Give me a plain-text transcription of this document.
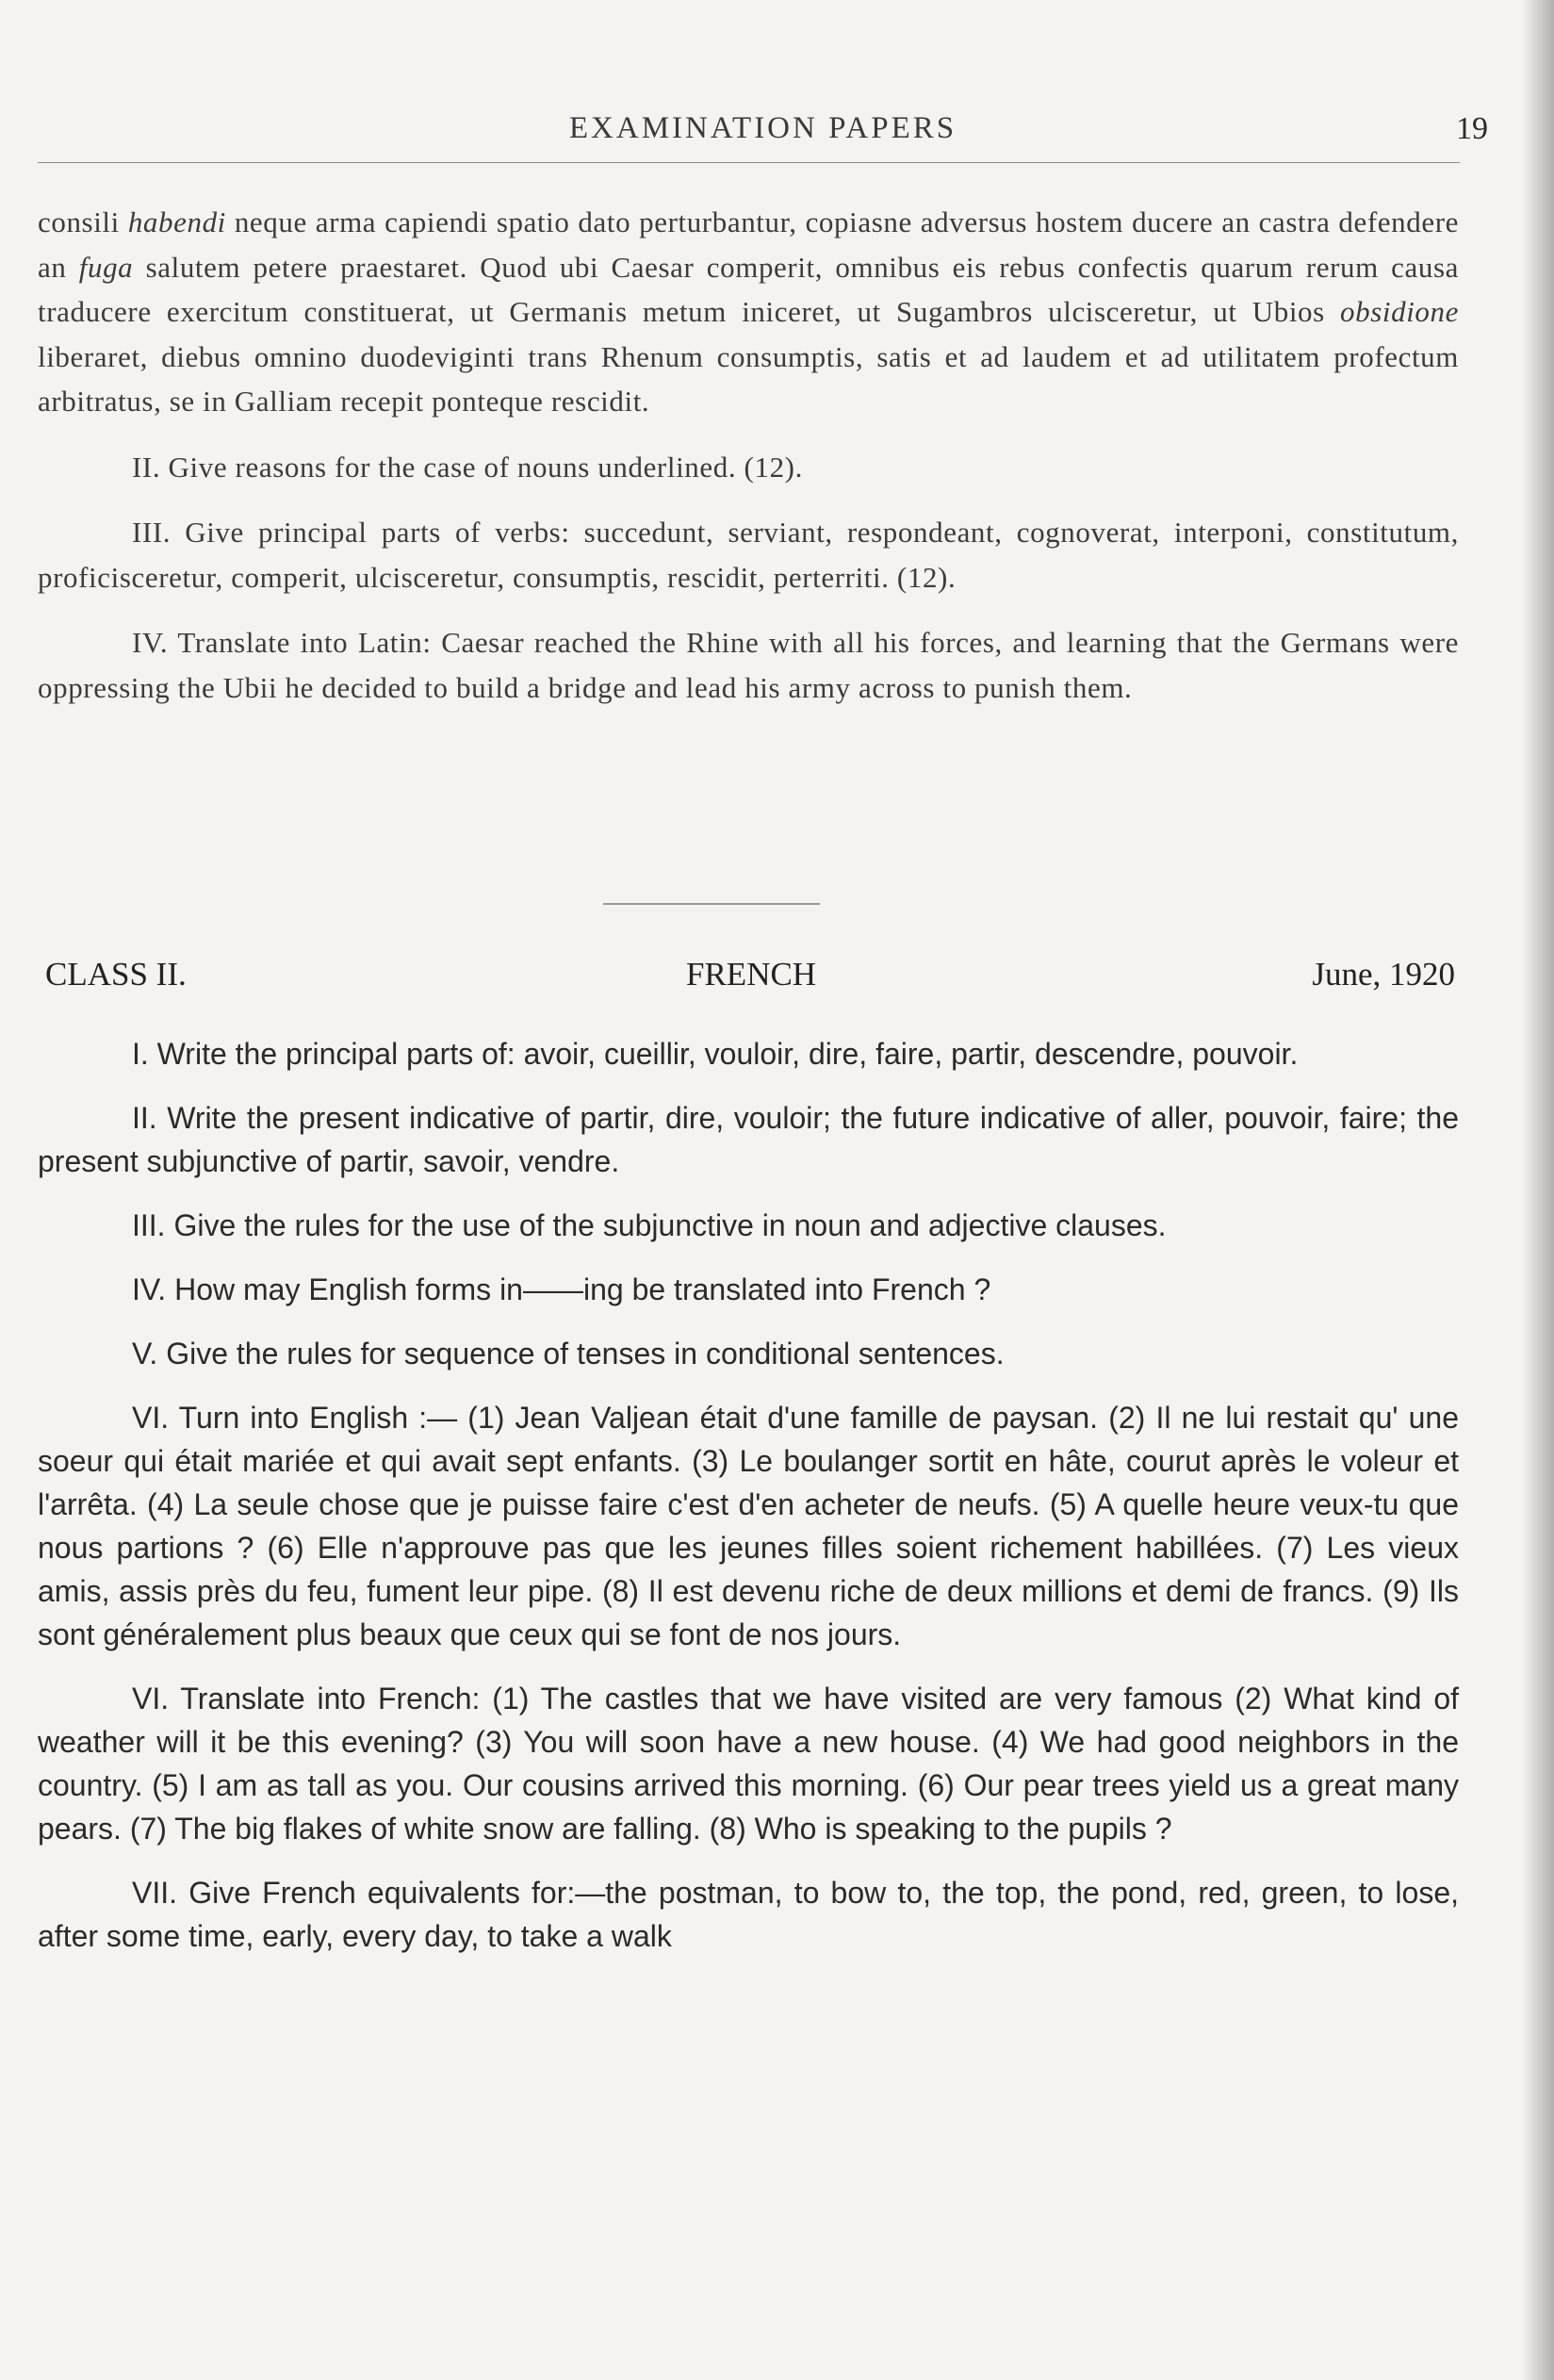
EXAMINATION PAPERS	19

consili habendi neque arma capiendi spatio dato perturbantur, copiasne adversus hostem ducere an castra defendere an fuga salutem petere praestaret. Quod ubi Caesar comperit, omnibus eis rebus confectis quarum rerum causa traducere exercitum constituerat, ut Germanis metum iniceret, ut Sugambros ulcisceretur, ut Ubios obsidione liberaret, diebus omnino duodeviginti trans Rhenum consumptis, satis et ad laudem et ad utilitatem profectum arbitratus, se in Galliam recepit ponteque rescidit.

II. Give reasons for the case of nouns underlined. (12).

III. Give principal parts of verbs: succedunt, serviant, respondeant, cognoverat, interponi, constitutum, proficisceretur, comperit, ulcisceretur, consumptis, rescidit, perterriti. (12).

IV. Translate into Latin: Caesar reached the Rhine with all his forces, and learning that the Germans were oppressing the Ubii he decided to build a bridge and lead his army across to punish them.

CLASS II.	FRENCH	June, 1920

I. Write the principal parts of: avoir, cueillir, vouloir, dire, faire, partir, descendre, pouvoir.

II. Write the present indicative of partir, dire, vouloir; the future indicative of aller, pouvoir, faire; the present subjunctive of partir, savoir, vendre.

III. Give the rules for the use of the subjunctive in noun and adjective clauses.

IV. How may English forms in——ing be translated into French ?

V. Give the rules for sequence of tenses in conditional sentences.

VI. Turn into English :— (1) Jean Valjean était d'une famille de paysan. (2) Il ne lui restait qu' une soeur qui était mariée et qui avait sept enfants. (3) Le boulanger sortit en hâte, courut après le voleur et l'arrêta. (4) La seule chose que je puisse faire c'est d'en acheter de neufs. (5) A quelle heure veux-tu que nous partions ? (6) Elle n'approuve pas que les jeunes filles soient richement habillées. (7) Les vieux amis, assis près du feu, fument leur pipe. (8) Il est devenu riche de deux millions et demi de francs. (9) Ils sont généralement plus beaux que ceux qui se font de nos jours.

VI. Translate into French: (1) The castles that we have visited are very famous (2) What kind of weather will it be this evening? (3) You will soon have a new house. (4) We had good neighbors in the country. (5) I am as tall as you. Our cousins arrived this morning. (6) Our pear trees yield us a great many pears. (7) The big flakes of white snow are falling. (8) Who is speaking to the pupils ?

VII. Give French equivalents for:—the postman, to bow to, the top, the pond, red, green, to lose, after some time, early, every day, to take a walk
